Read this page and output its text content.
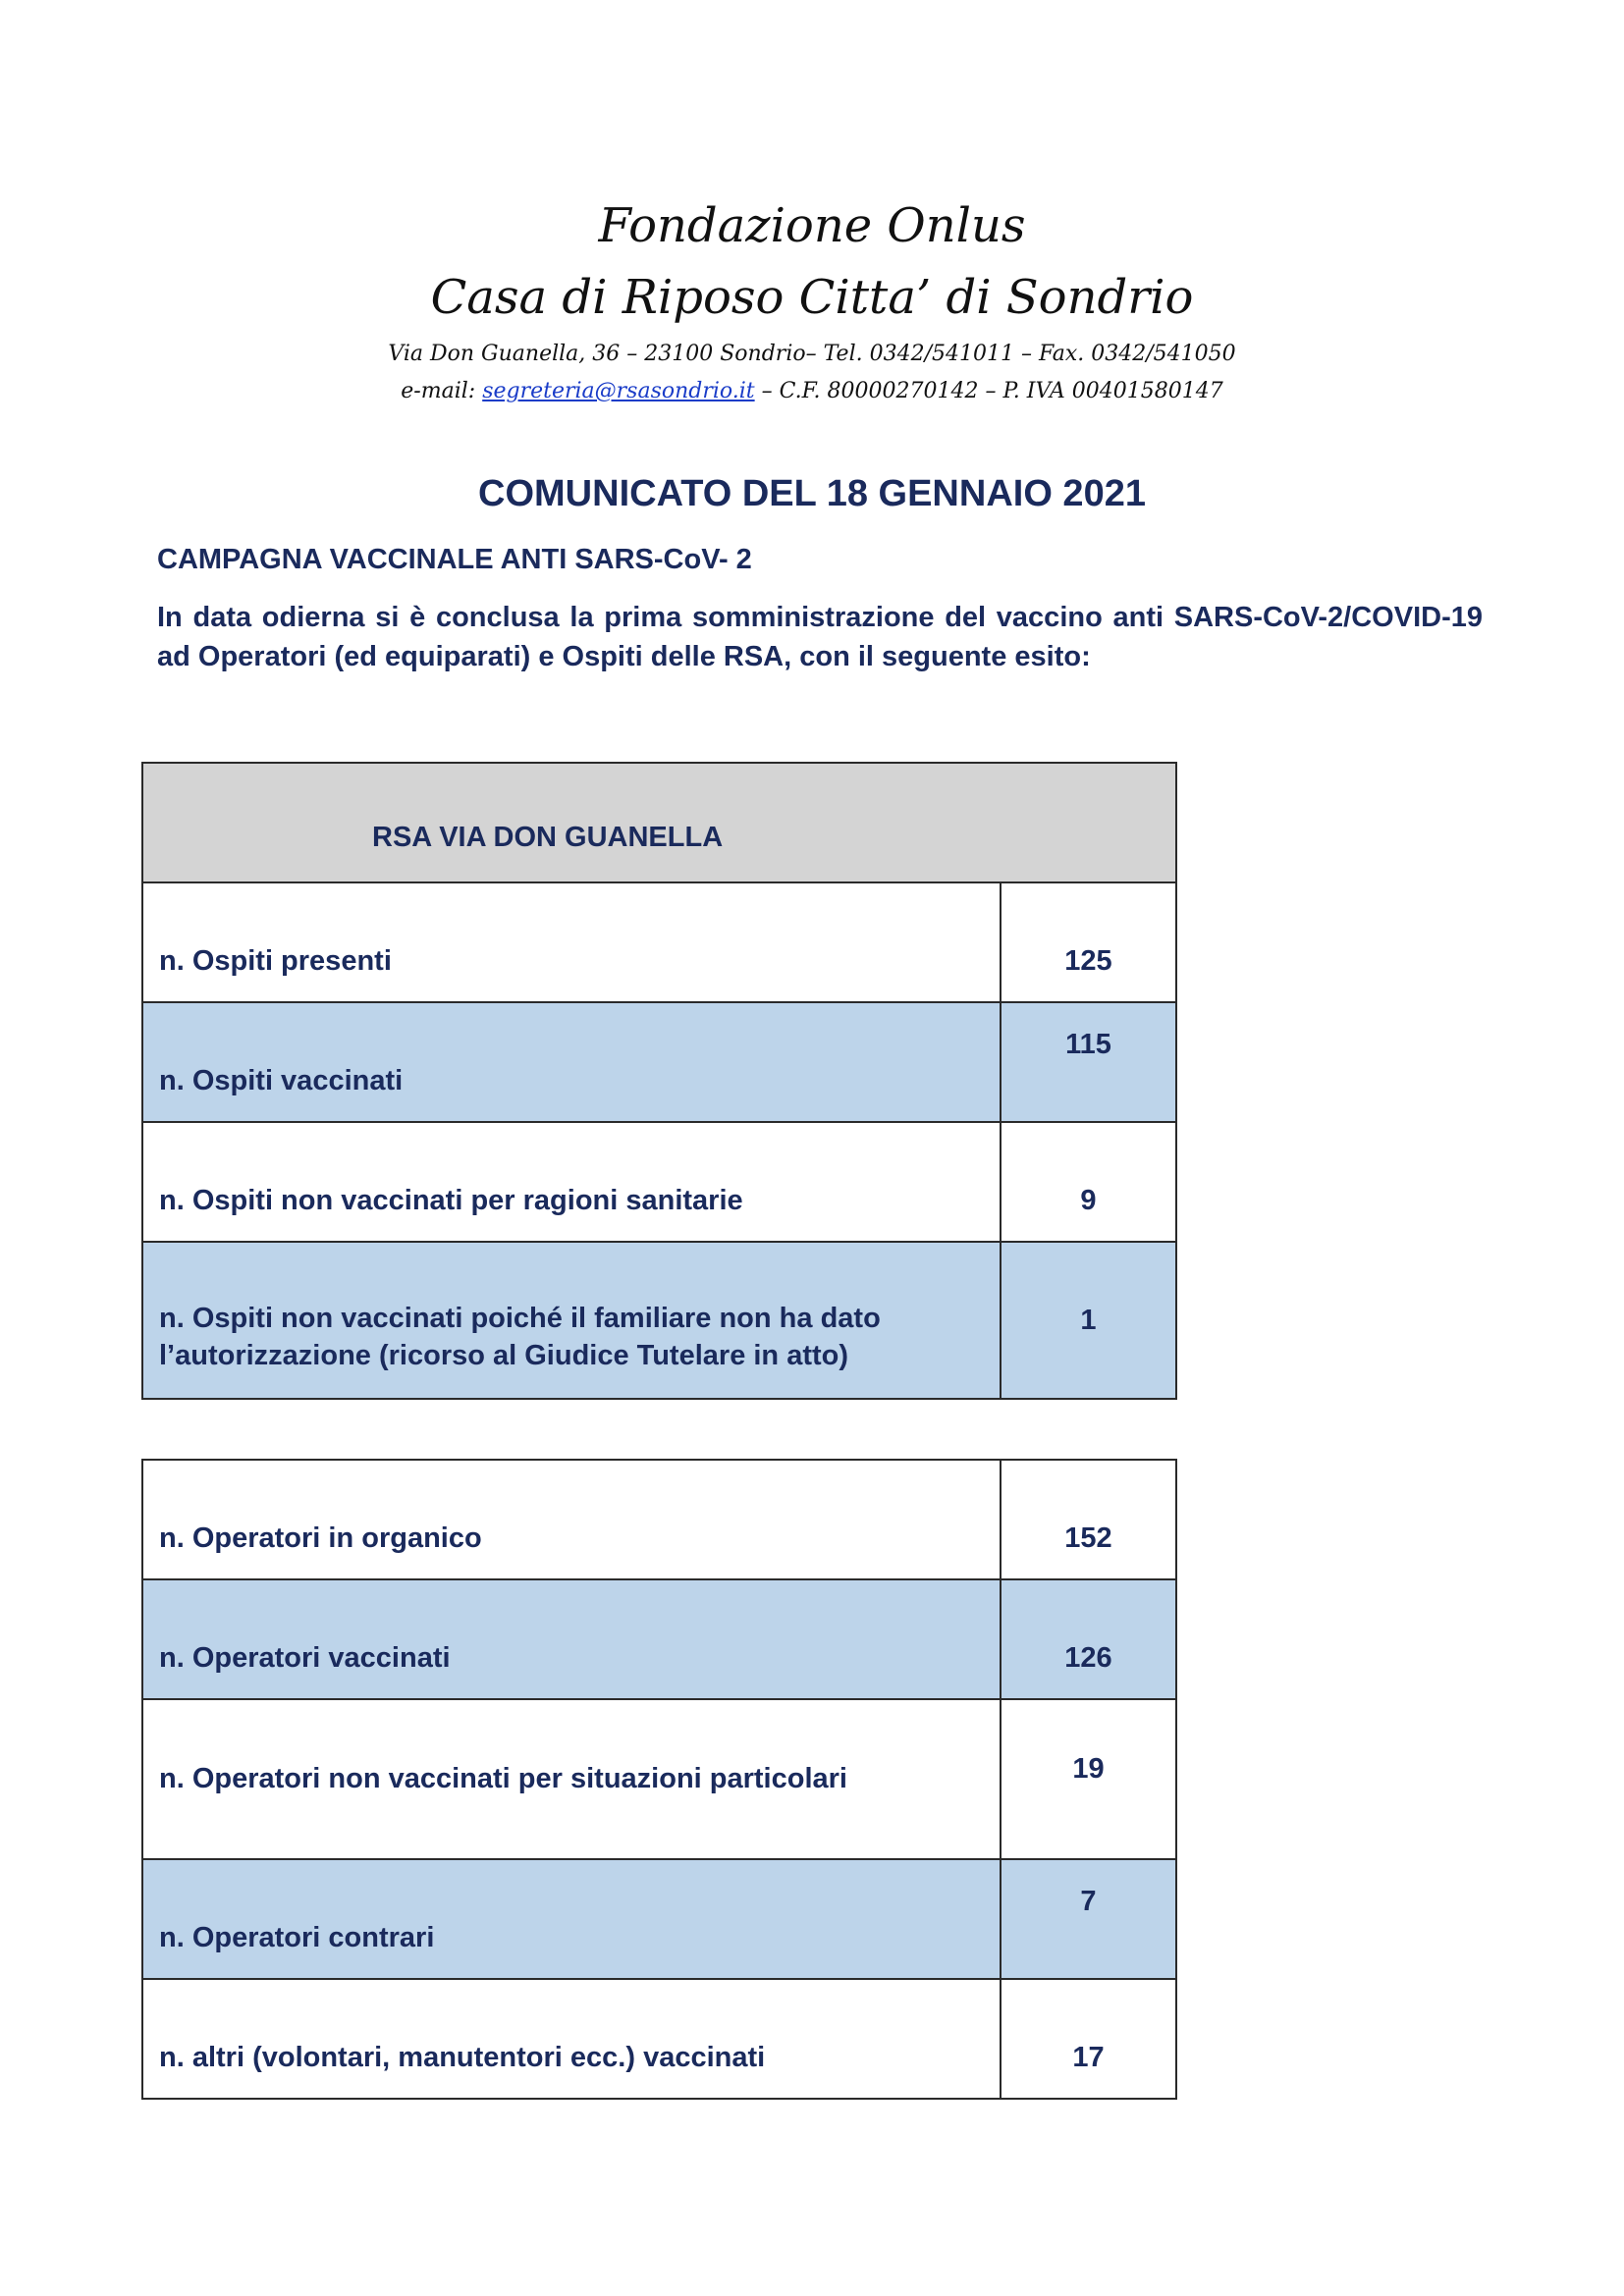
Fondazione Onlus
Casa di Riposo Citta’ di Sondrio
Via Don Guanella, 36 – 23100 Sondrio– Tel. 0342/541011 – Fax. 0342/541050
e-mail: segreteria@rsasondrio.it – C.F. 80000270142 – P. IVA 00401580147
COMUNICATO DEL 18 GENNAIO 2021
CAMPAGNA VACCINALE ANTI SARS-CoV- 2
In data odierna si è conclusa la prima somministrazione del vaccino anti SARS-CoV-2/COVID-19 ad Operatori (ed equiparati) e Ospiti delle RSA, con il seguente esito:
RSA VIA DON GUANELLA	
n. Ospiti presenti	125
n. Ospiti vaccinati	115
n. Ospiti non vaccinati per ragioni sanitarie	9
n. Ospiti non vaccinati poiché il familiare non ha dato l’autorizzazione (ricorso al Giudice Tutelare in atto)	1
n. Operatori in organico	152
n. Operatori vaccinati	126
n. Operatori non vaccinati per situazioni particolari	19
n. Operatori contrari	7
n. altri (volontari, manutentori ecc.) vaccinati	17
